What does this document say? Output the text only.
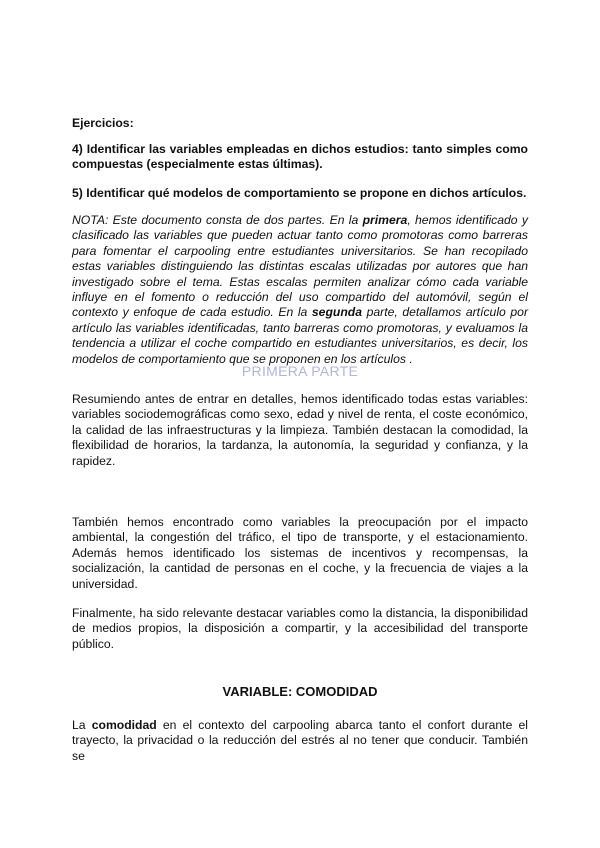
Ejercicios:

4) Identificar las variables empleadas en dichos estudios: tanto simples como compuestas (especialmente estas últimas).

5) Identificar qué modelos de comportamiento se propone en dichos artículos.

NOTA: Este documento consta de dos partes. En la primera, hemos identificado y clasificado las variables que pueden actuar tanto como promotoras como barreras para fomentar el carpooling entre estudiantes universitarios. Se han recopilado estas variables distinguiendo las distintas escalas utilizadas por autores que han investigado sobre el tema. Estas escalas permiten analizar cómo cada variable influye en el fomento o reducción del uso compartido del automóvil, según el contexto y enfoque de cada estudio. En la segunda parte, detallamos artículo por artículo las variables identificadas, tanto barreras como promotoras, y evaluamos la tendencia a utilizar el coche compartido en estudiantes universitarios, es decir, los modelos de comportamiento que se proponen en los artículos .

PRIMERA PARTE

Resumiendo antes de entrar en detalles, hemos identificado todas estas variables: variables sociodemográficas como sexo, edad y nivel de renta, el coste económico, la calidad de las infraestructuras y la limpieza. También destacan la comodidad, la flexibilidad de horarios, la tardanza, la autonomía, la seguridad y confianza, y la rapidez.

También hemos encontrado como variables la preocupación por el impacto ambiental, la congestión del tráfico, el tipo de transporte, y el estacionamiento. Además hemos identificado los sistemas de incentivos y recompensas, la socialización, la cantidad de personas en el coche, y la frecuencia de viajes a la universidad.

Finalmente, ha sido relevante destacar variables como la distancia, la disponibilidad de medios propios, la disposición a compartir, y la accesibilidad del transporte público.

VARIABLE: COMODIDAD

La comodidad en el contexto del carpooling abarca tanto el confort durante el trayecto, la privacidad o la reducción del estrés al no tener que conducir. También se
